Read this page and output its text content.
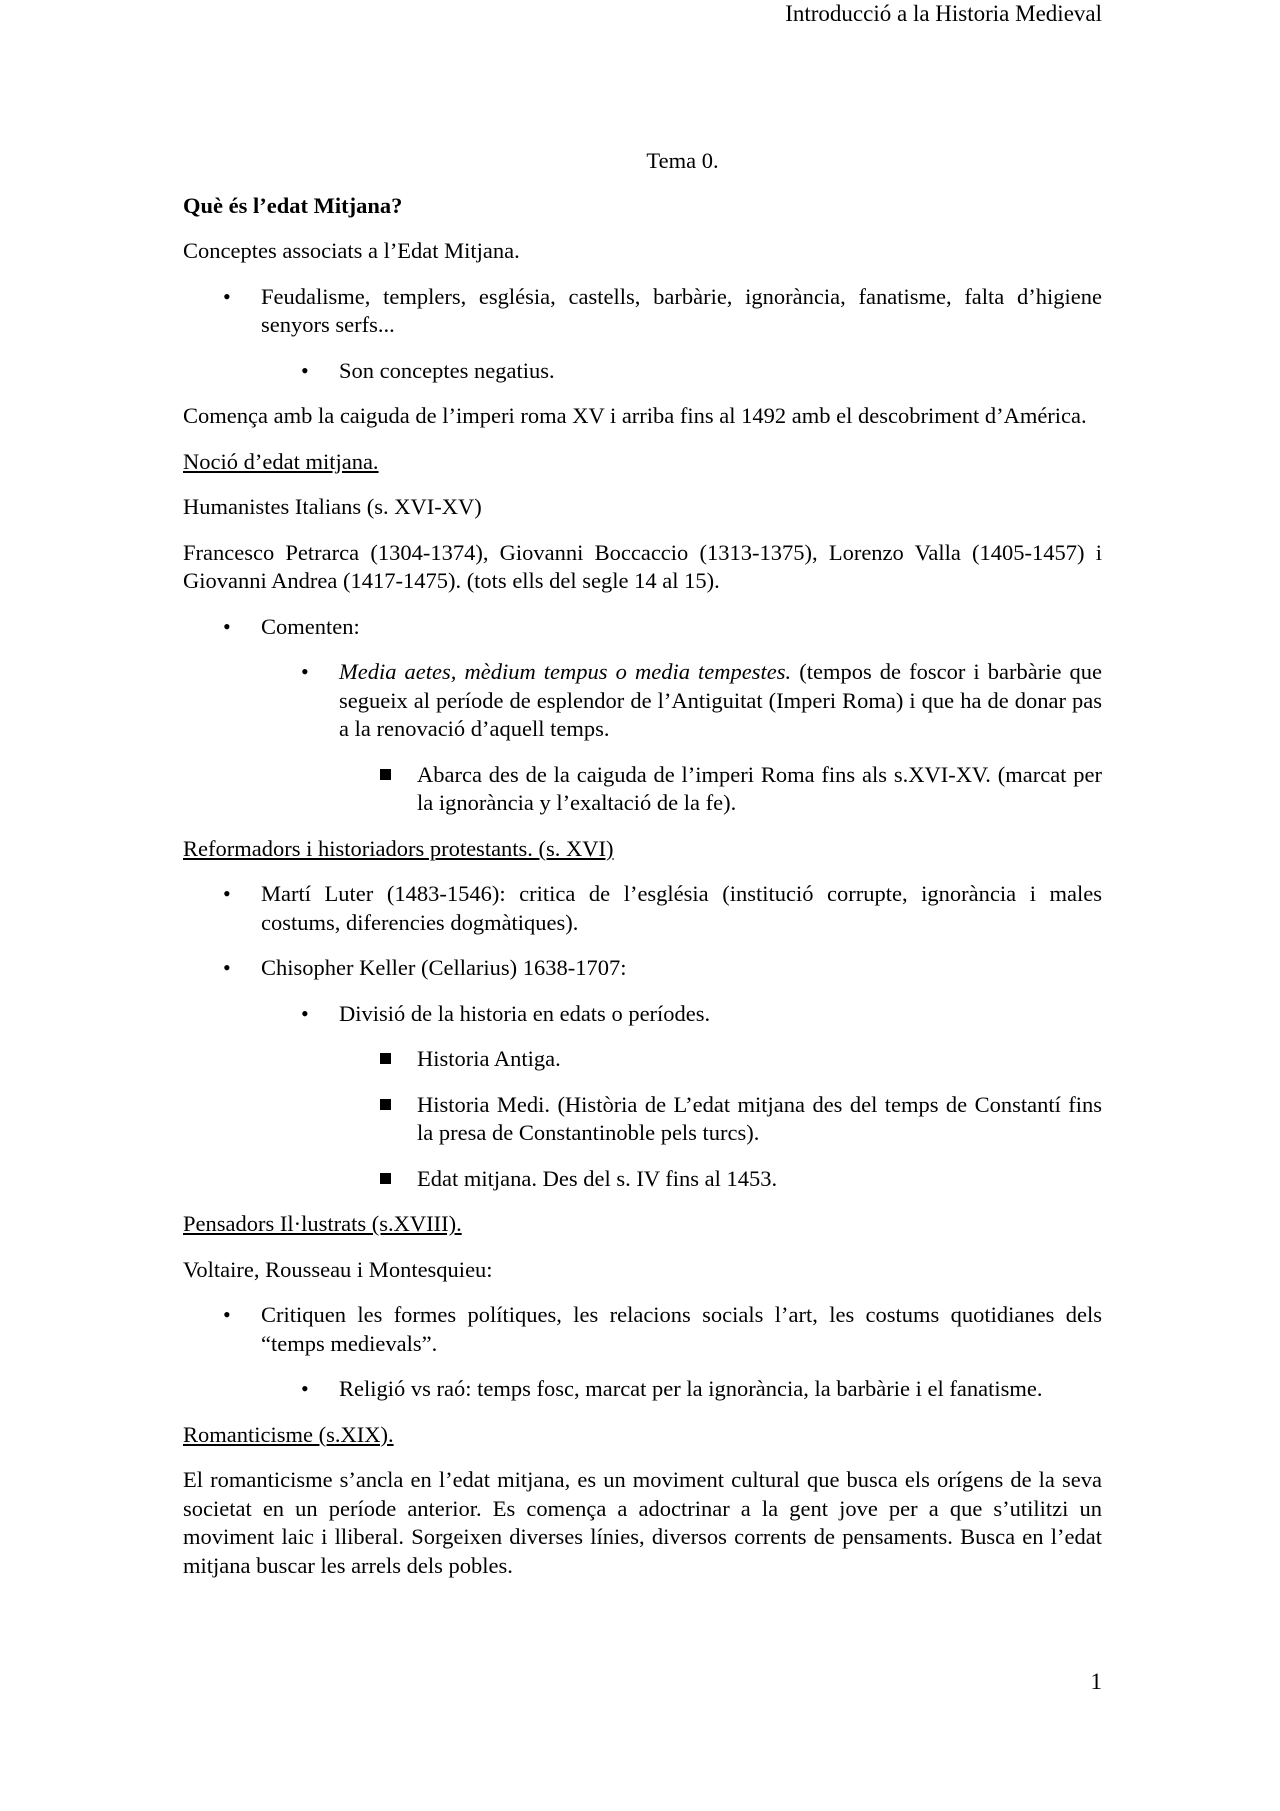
Introducció a la Historia Medieval

Tema 0.

Què és l’edat Mitjana?

Conceptes associats a l’Edat Mitjana.

• Feudalisme, templers, església, castells, barbàrie, ignorància, fanatisme, falta d’higiene senyors serfs...
• Son conceptes negatius.

Comença amb la caiguda de l’imperi roma XV i arriba fins al 1492 amb el descobriment d’América.

Noció d’edat mitjana.

Humanistes Italians (s. XVI-XV)

Francesco Petrarca (1304-1374), Giovanni Boccaccio (1313-1375), Lorenzo Valla (1405-1457) i Giovanni Andrea (1417-1475). (tots ells del segle 14 al 15).

• Comenten:
• Media aetes, mèdium tempus o media tempestes. (tempos de foscor i barbàrie que segueix al període de esplendor de l’Antiguitat (Imperi Roma) i que ha de donar pas a la renovació d’aquell temps.
Abarca des de la caiguda de l’imperi Roma fins als s.XVI-XV. (marcat per la ignorància y l’exaltació de la fe).

Reformadors i historiadors protestants. (s. XVI)

• Martí Luter (1483-1546): critica de l’església (institució corrupte, ignorància i males costums, diferencies dogmàtiques).
• Chisopher Keller (Cellarius) 1638-1707:
• Divisió de la historia en edats o períodes.
Historia Antiga.
Historia Medi. (Història de L’edat mitjana des del temps de Constantí fins la presa de Constantinoble pels turcs).
Edat mitjana. Des del s. IV fins al 1453.

Pensadors Il·lustrats (s.XVIII).

Voltaire, Rousseau i Montesquieu:

• Critiquen les formes polítiques, les relacions socials l’art, les costums quotidianes dels “temps medievals”.
• Religió vs raó: temps fosc, marcat per la ignorància, la barbàrie i el fanatisme.

Romanticisme (s.XIX).

El romanticisme s’ancla en l’edat mitjana, es un moviment cultural que busca els orígens de la seva societat en un període anterior. Es comença a adoctrinar a la gent jove per a que s’utilitzi un moviment laic i lliberal. Sorgeixen diverses línies, diversos corrents de pensaments. Busca en l’edat mitjana buscar les arrels dels pobles.

1
